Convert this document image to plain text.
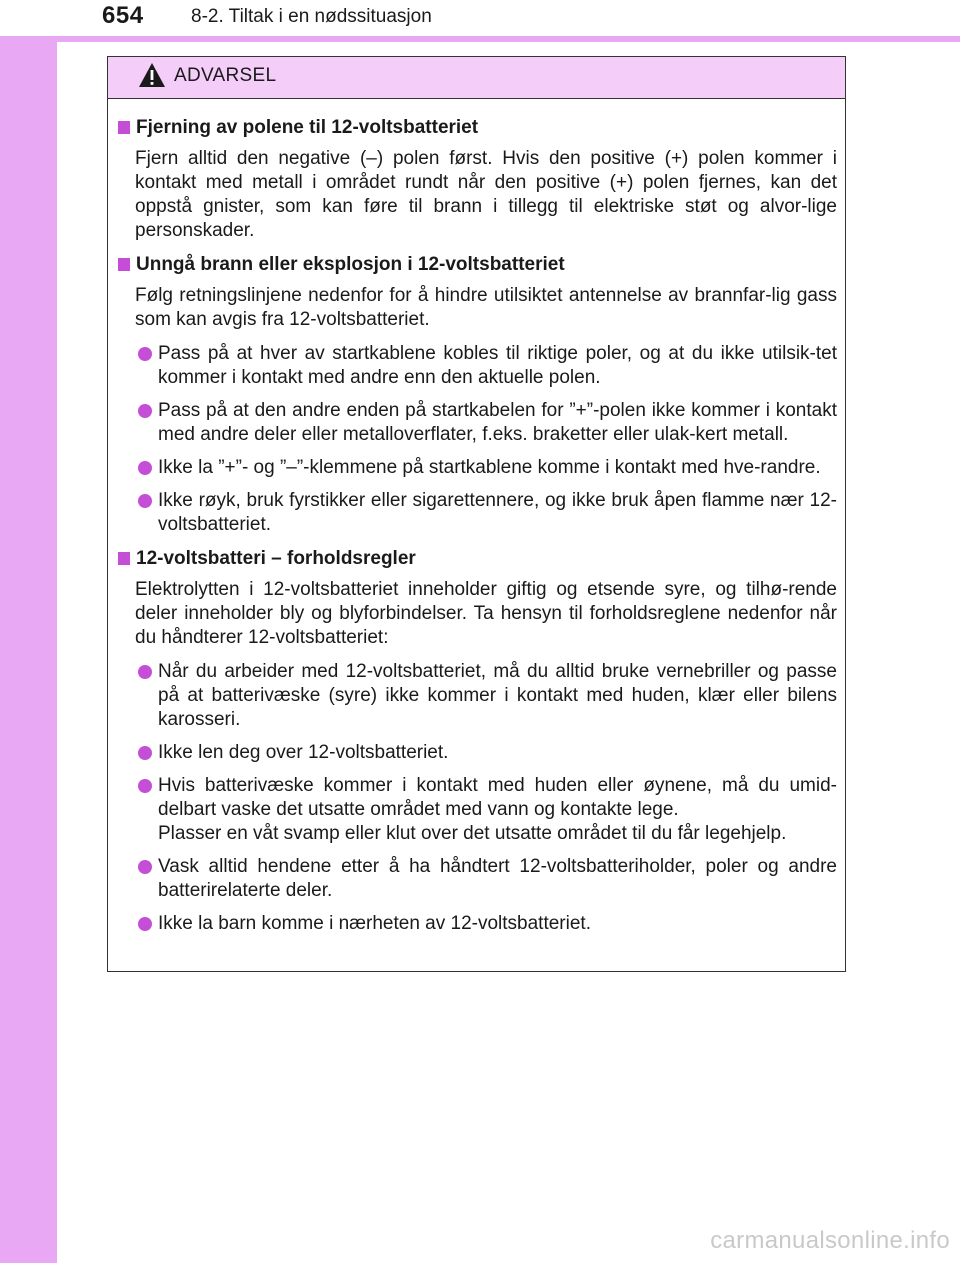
654 8-2. Tiltak i en nødssituasjon
ADVARSEL
Fjerning av polene til 12-voltsbatteriet
Fjern alltid den negative (–) polen først. Hvis den positive (+) polen kommer i kontakt med metall i området rundt når den positive (+) polen fjernes, kan det oppstå gnister, som kan føre til brann i tillegg til elektriske støt og alvor-lige personskader.
Unngå brann eller eksplosjon i 12-voltsbatteriet
Følg retningslinjene nedenfor for å hindre utilsiktet antennelse av brannfar-lig gass som kan avgis fra 12-voltsbatteriet.
Pass på at hver av startkablene kobles til riktige poler, og at du ikke utilsik-tet kommer i kontakt med andre enn den aktuelle polen.
Pass på at den andre enden på startkabelen for ”+”-polen ikke kommer i kontakt med andre deler eller metalloverflater, f.eks. braketter eller ulak-kert metall.
Ikke la ”+”- og ”–”-klemmene på startkablene komme i kontakt med hve-randre.
Ikke røyk, bruk fyrstikker eller sigarettennere, og ikke bruk åpen flamme nær 12-voltsbatteriet.
12-voltsbatteri – forholdsregler
Elektrolytten i 12-voltsbatteriet inneholder giftig og etsende syre, og tilhø-rende deler inneholder bly og blyforbindelser. Ta hensyn til forholdsreglene nedenfor når du håndterer 12-voltsbatteriet:
Når du arbeider med 12-voltsbatteriet, må du alltid bruke vernebriller og passe på at batterivæske (syre) ikke kommer i kontakt med huden, klær eller bilens karosseri.
Ikke len deg over 12-voltsbatteriet.
Hvis batterivæske kommer i kontakt med huden eller øynene, må du umid-delbart vaske det utsatte området med vann og kontakte lege.
Plasser en våt svamp eller klut over det utsatte området til du får legehjelp.
Vask alltid hendene etter å ha håndtert 12-voltsbatteriholder, poler og andre batterirelaterte deler.
Ikke la barn komme i nærheten av 12-voltsbatteriet.
carmanualsonline.info
